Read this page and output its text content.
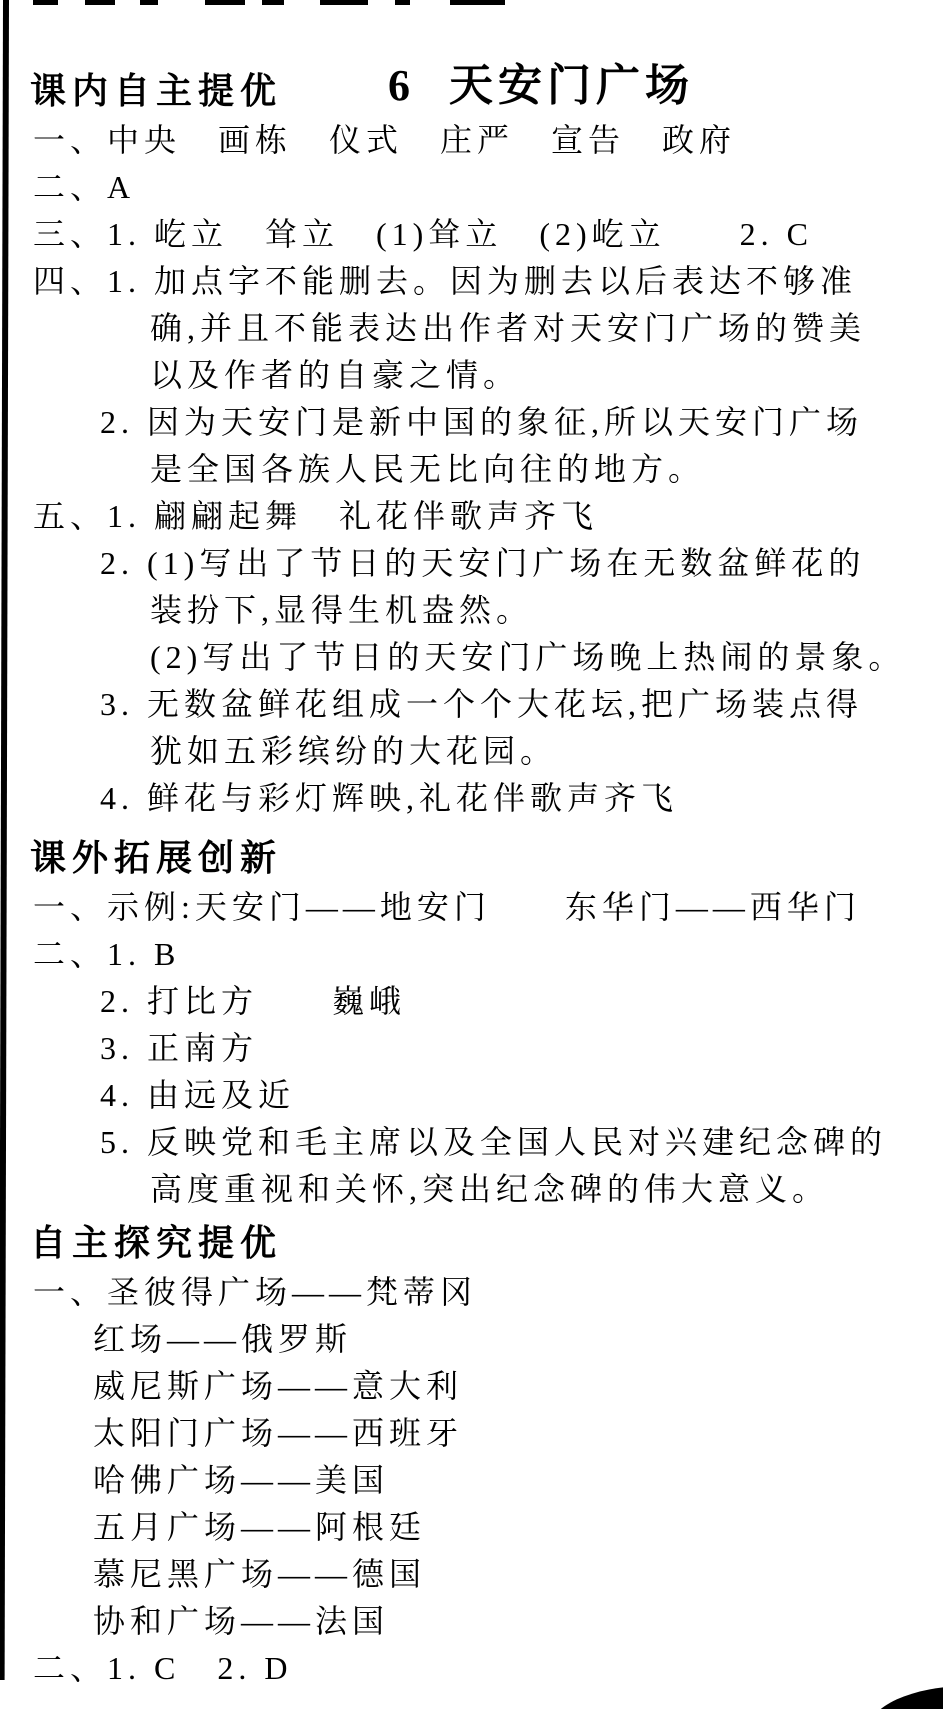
6 天安门广场

课内自主提优
一、中央　画栋　仪式　庄严　宣告　政府
二、A
三、1. 屹立　耸立　(1)耸立　(2)屹立　　2. C
四、1. 加点字不能删去。因为删去以后表达不够准
确,并且不能表达出作者对天安门广场的赞美
以及作者的自豪之情。
2. 因为天安门是新中国的象征,所以天安门广场
是全国各族人民无比向往的地方。
五、1. 翩翩起舞　礼花伴歌声齐飞
2. (1)写出了节日的天安门广场在无数盆鲜花的
装扮下,显得生机盎然。
(2)写出了节日的天安门广场晚上热闹的景象。
3. 无数盆鲜花组成一个个大花坛,把广场装点得
犹如五彩缤纷的大花园。
4. 鲜花与彩灯辉映,礼花伴歌声齐飞
课外拓展创新
一、示例:天安门——地安门　　东华门——西华门
二、1. B
2. 打比方　　巍峨
3. 正南方
4. 由远及近
5. 反映党和毛主席以及全国人民对兴建纪念碑的
高度重视和关怀,突出纪念碑的伟大意义。
自主探究提优
一、圣彼得广场——梵蒂冈
红场——俄罗斯
威尼斯广场——意大利
太阳门广场——西班牙
哈佛广场——美国
五月广场——阿根廷
慕尼黑广场——德国
协和广场——法国
二、1. C　2. D
